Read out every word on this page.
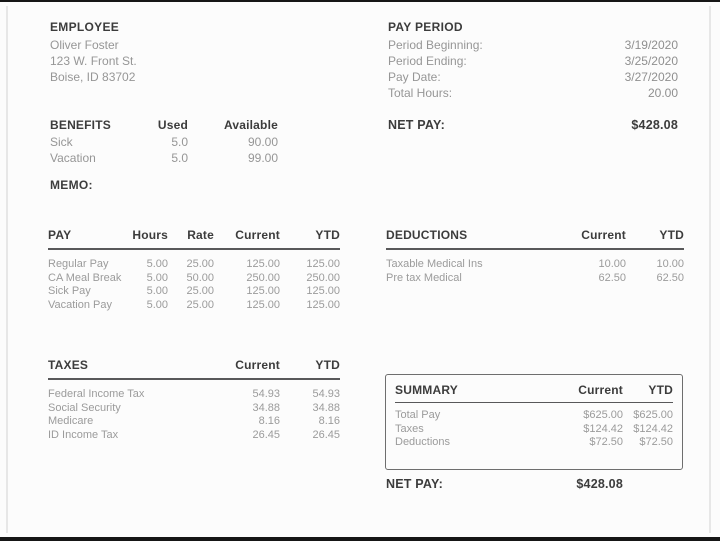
EMPLOYEE
Oliver Foster
123 W. Front St.
Boise, ID 83702
PAY PERIOD
Period Beginning:	3/19/2020
Period Ending:	3/25/2020
Pay Date:	3/27/2020
Total Hours:	20.00
BENEFITS	Used	Available
Sick	5.0	90.00
Vacation	5.0	99.00
NET PAY:	$428.08
MEMO:
PAY	Hours	Rate	Current	YTD
Regular Pay	5.00	25.00	125.00	125.00
CA Meal Break	5.00	50.00	250.00	250.00
Sick Pay	5.00	25.00	125.00	125.00
Vacation Pay	5.00	25.00	125.00	125.00
DEDUCTIONS	Current	YTD
Taxable Medical Ins	10.00	10.00
Pre tax Medical	62.50	62.50
TAXES	Current	YTD
Federal Income Tax	54.93	54.93
Social Security	34.88	34.88
Medicare	8.16	8.16
ID Income Tax	26.45	26.45
SUMMARY	Current	YTD
Total Pay	$625.00 $625.00
Taxes	$124.42 $124.42
Deductions	$72.50	$72.50
NET PAY:	$428.08
